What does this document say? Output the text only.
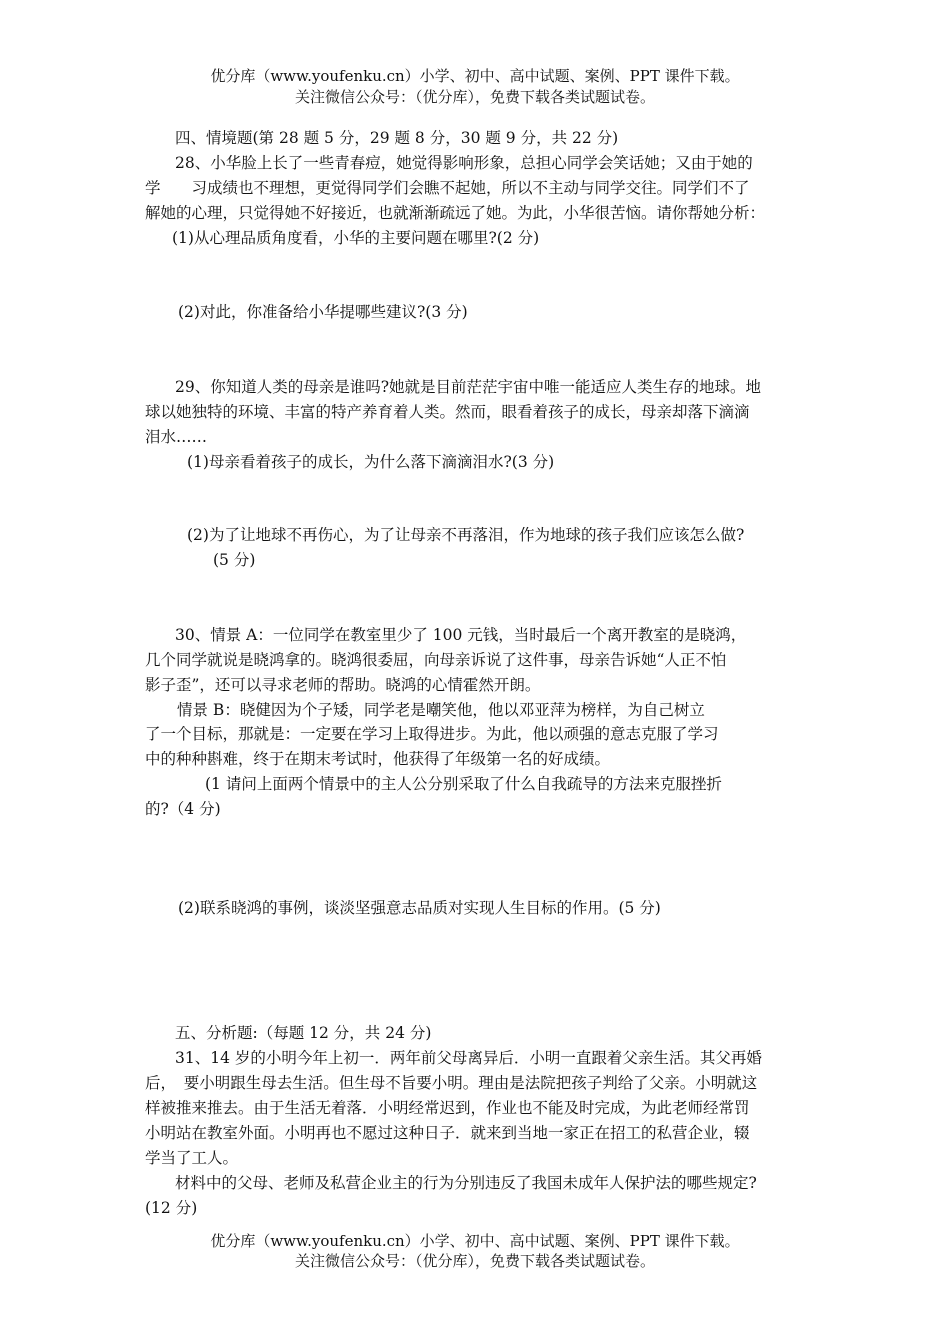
优分库（www.youfenku.cn）小学、初中、高中试题、案例、PPT 课件下载。
关注微信公众号：（优分库），免费下载各类试题试卷。
四、情境题(第 28 题 5 分，29 题 8 分，30 题 9 分，共 22 分)
28、小华脸上长了一些青春痘，她觉得影响形象，总担心同学会笑话她；又由于她的
学　　习成绩也不理想，更觉得同学们会瞧不起她，所以不主动与同学交往。同学们不了
解她的心理，只觉得她不好接近，也就渐渐疏远了她。为此，小华很苦恼。请你帮她分析：
(1)从心理品质角度看，小华的主要问题在哪里?(2 分)
(2)对此，你准备给小华提哪些建议?(3 分)
29、你知道人类的母亲是谁吗?她就是目前茫茫宇宙中唯一能适应人类生存的地球。地
球以她独特的环境、丰富的特产养育着人类。然而，眼看着孩子的成长，母亲却落下滴滴
泪水……
(1)母亲看着孩子的成长，为什么落下滴滴泪水?(3 分)
(2)为了让地球不再伤心，为了让母亲不再落泪，作为地球的孩子我们应该怎么做?
(5 分)
30、情景 A：一位同学在教室里少了 100 元钱，当时最后一个离开教室的是晓鸿，
几个同学就说是晓鸿拿的。晓鸿很委屈，向母亲诉说了这件事，母亲告诉她“人正不怕
影子歪”，还可以寻求老师的帮助。晓鸿的心情霍然开朗。
情景 B：晓健因为个子矮，同学老是嘲笑他，他以邓亚萍为榜样，为自己树立
了一个目标，那就是：一定要在学习上取得进步。为此，他以顽强的意志克服了学习
中的种种斟难，终于在期末考试时，他获得了年级第一名的好成绩。
(1 请问上面两个情景中的主人公分别采取了什么自我疏导的方法来克服挫折
的?（4 分)
(2)联系晓鸿的事例，谈淡坚强意志品质对实现人生目标的作用。(5 分)
五、分析题:（每题 12 分，共 24 分)
31、14 岁的小明今年上初一．两年前父母离异后．小明一直跟着父亲生活。其父再婚
后，　要小明跟生母去生活。但生母不旨要小明。理由是法院把孩子判给了父亲。小明就这
样被推来推去。由于生活无着落．小明经常迟到，作业也不能及时完成，为此老师经常罚
小明站在教室外面。小明再也不愿过这种日子．就来到当地一家正在招工的私营企业，辍
学当了工人。
材料中的父母、老师及私营企业主的行为分别违反了我国未成年人保护法的哪些规定?
(12 分)
优分库（www.youfenku.cn）小学、初中、高中试题、案例、PPT 课件下载。
关注微信公众号：（优分库），免费下载各类试题试卷。
